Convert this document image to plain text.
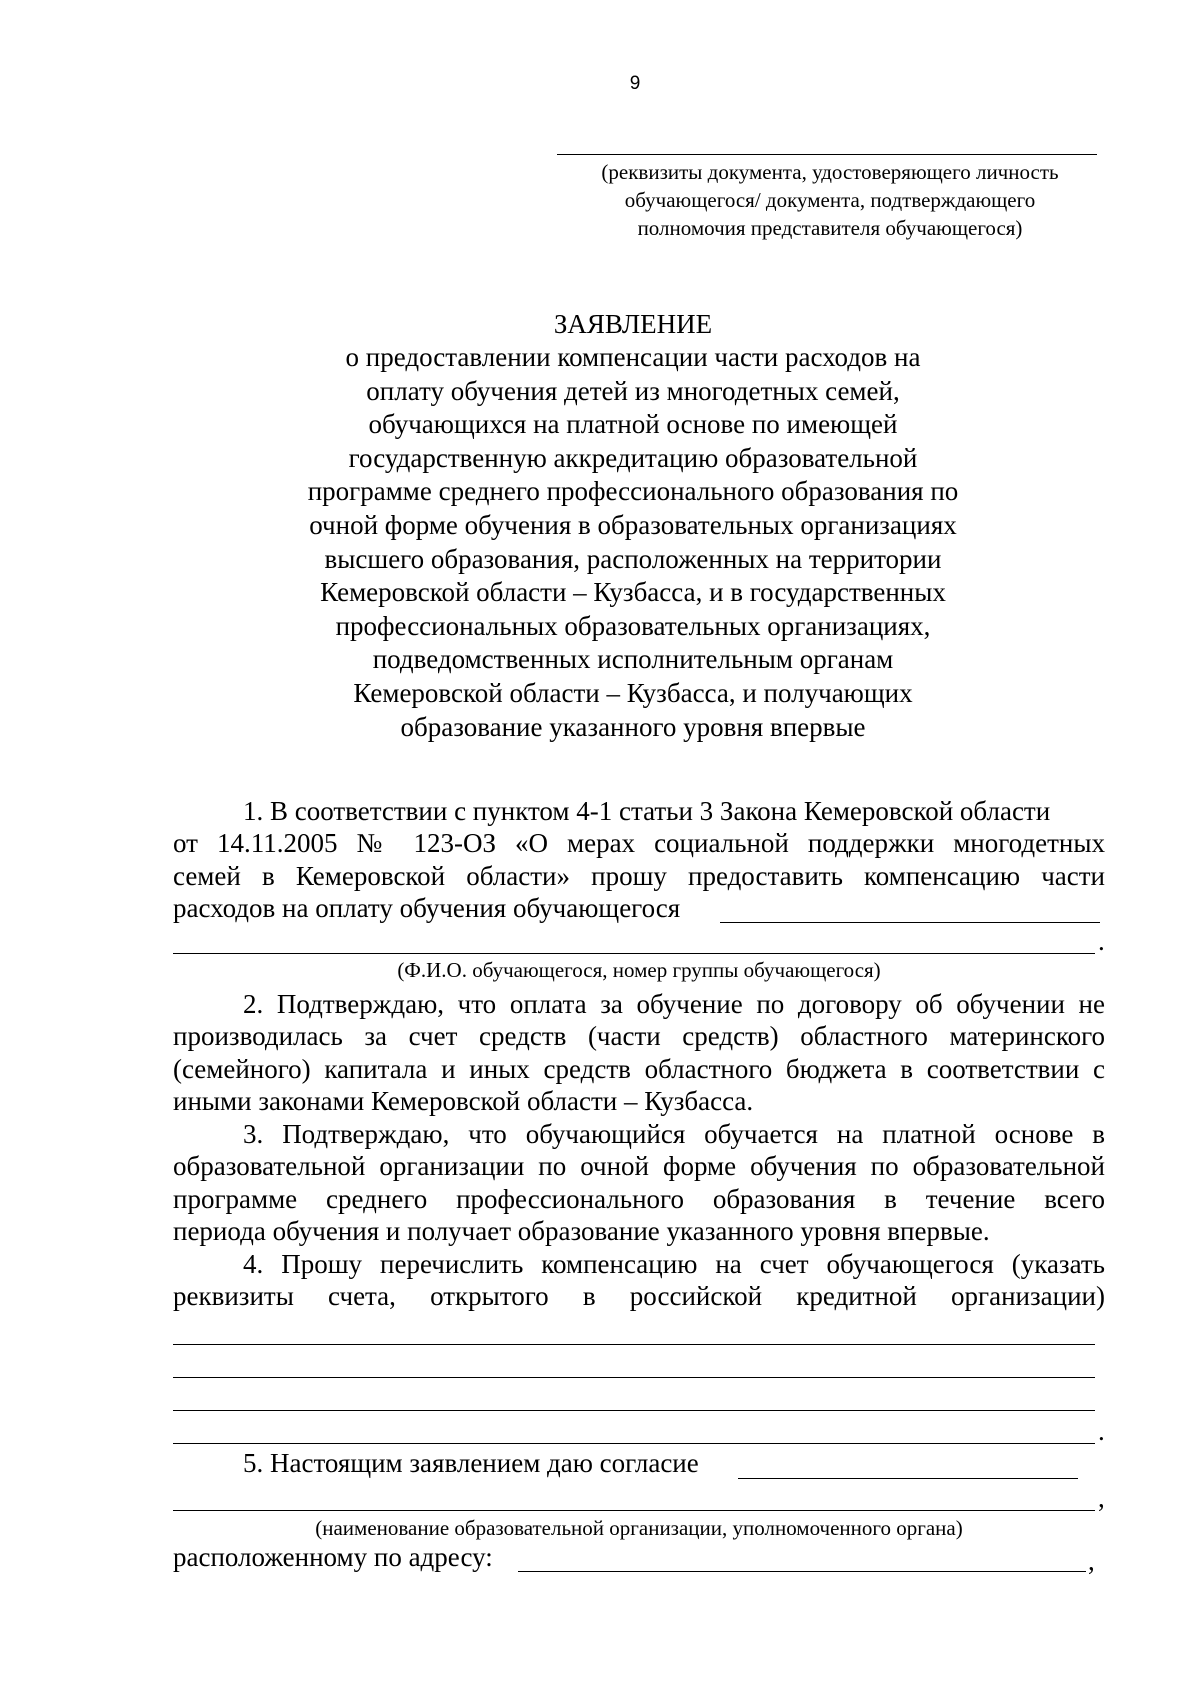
9
(реквизиты документа, удостоверяющего личность
обучающегося/ документа, подтверждающего
полномочия представителя обучающегося)
ЗАЯВЛЕНИЕ
о предоставлении компенсации части расходов на
оплату обучения детей из многодетных семей,
обучающихся на платной основе по имеющей
государственную аккредитацию образовательной
программе среднего профессионального образования по
очной форме обучения в образовательных организациях
высшего образования, расположенных на территории
Кемеровской области – Кузбасса, и в государственных
профессиональных образовательных организациях,
подведомственных исполнительным органам
Кемеровской области – Кузбасса, и получающих
образование указанного уровня впервые
1. В соответствии с пунктом 4-1 статьи 3 Закона Кемеровской области
от 14.11.2005 № 123-ОЗ «О мерах социальной поддержки многодетных
семей в Кемеровской области» прошу предоставить компенсацию части
расходов на оплату обучения обучающегося
.
(Ф.И.О. обучающегося, номер группы обучающегося)
2. Подтверждаю, что оплата за обучение по договору об обучении не
производилась за счет средств (части средств) областного материнского
(семейного) капитала и иных средств областного бюджета в соответствии с
иными законами Кемеровской области – Кузбасса.
3. Подтверждаю, что обучающийся обучается на платной основе в
образовательной организации по очной форме обучения по образовательной
программе среднего профессионального образования в течение всего
периода обучения и получает образование указанного уровня впервые.
4. Прошу перечислить компенсацию на счет обучающегося (указать
реквизиты счета, открытого в российской кредитной организации)
.
5. Настоящим заявлением даю согласие
,
(наименование образовательной организации, уполномоченного органа)
расположенному по адресу:	,
